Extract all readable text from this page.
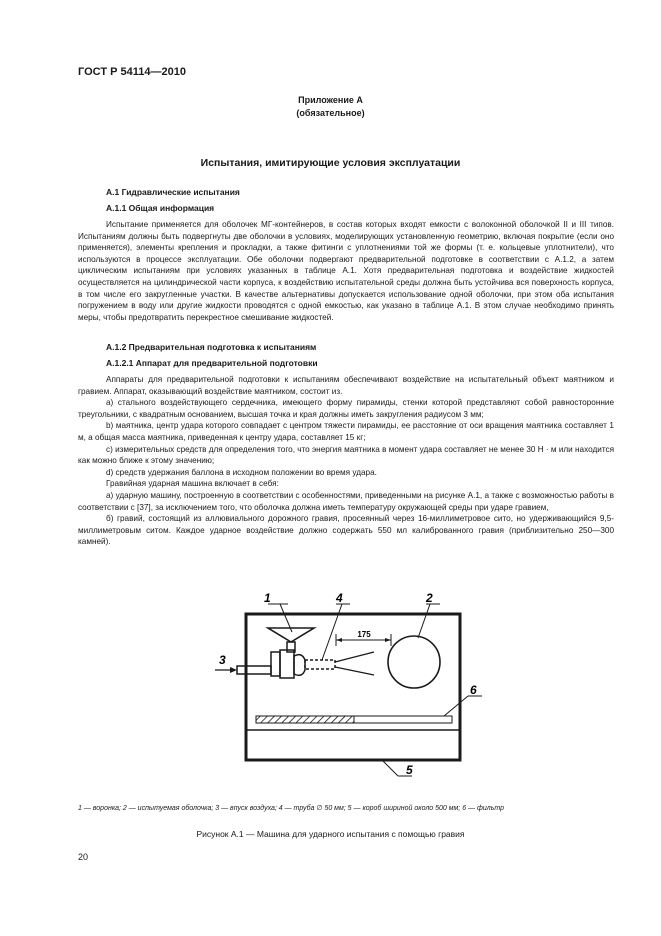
ГОСТ Р 54114—2010
Приложение А
(обязательное)
Испытания, имитирующие условия эксплуатации
А.1 Гидравлические испытания
А.1.1 Общая информация

Испытание применяется для оболочек МГ-контейнеров, в состав которых входят емкости с волоконной оболочкой II и III типов. Испытаниям должны быть подвергнуты две оболочки в условиях, моделирующих установленную геометрию, включая покрытие (если оно применяется), элементы крепления и прокладки, а также фитинги с уплотнениями той же формы (т. е. кольцевые уплотнители), что используются в процессе эксплуатации. Обе оболочки подвергают предварительной подготовке в соответствии с А.1.2, а затем циклическим испытаниям при условиях указанных в таблице А.1. Хотя предварительная подготовка и воздействие жидкостей осуществляется на цилиндрической части корпуса, к воздействию испытательной среды должна быть устойчива вся поверхность корпуса, в том числе его закругленные участки. В качестве альтернативы допускается использование одной оболочки, при этом оба испытания погружением в воду или другие жидкости проводятся с одной емкостью, как указано в таблице А.1. В этом случае необходимо принять меры, чтобы предотвратить перекрестное смешивание жидкостей.

А.1.2 Предварительная подготовка к испытаниям
А.1.2.1 Аппарат для предварительной подготовки

Аппараты для предварительной подготовки к испытаниям обеспечивают воздействие на испытательный объект маятником и гравием. Аппарат, оказывающий воздействие маятником, состоит из.

а) стального воздействующего сердечника, имеющего форму пирамиды, стенки которой представляют собой равносторонние треугольники, с квадратным основанием, высшая точка и края должны иметь закругления радиусом 3 мм;

b) маятника, центр удара которого совпадает с центром тяжести пирамиды, ее расстояние от оси вращения маятника составляет 1 м, а общая масса маятника, приведенная к центру удара, составляет 15 кг;

с) измерительных средств для определения того, что энергия маятника в момент удара составляет не менее 30 Н · м или находится как можно ближе к этому значению;

d) средств удержания баллона в исходном положении во время удара.

Гравийная ударная машина включает в себя:

а) ударную машину, построенную в соответствии с особенностями, приведенными на рисунке А.1, а также с возможностью работы в соответствии с [37], за исключением того, что оболочка должна иметь температуру окружающей среды при ударе гравием,

б) гравий, состоящий из аллювиального дорожного гравия, просеянный через 16-миллиметровое сито, но удерживающийся 9,5-миллиметровым ситом. Каждое ударное воздействие должно содержать 550 мл калиброванного гравия (приблизительно 250—300 камней).

175
1	2
3
4
5
6
1 — воронка; 2 — испытуемая оболочка; 3 — впуск воздуха; 4 — труба ∅ 50 мм; 5 — короб шириной около 500 мм; 6 — фильтр
Рисунок А.1 — Машина для ударного испытания с помощью гравия
20
